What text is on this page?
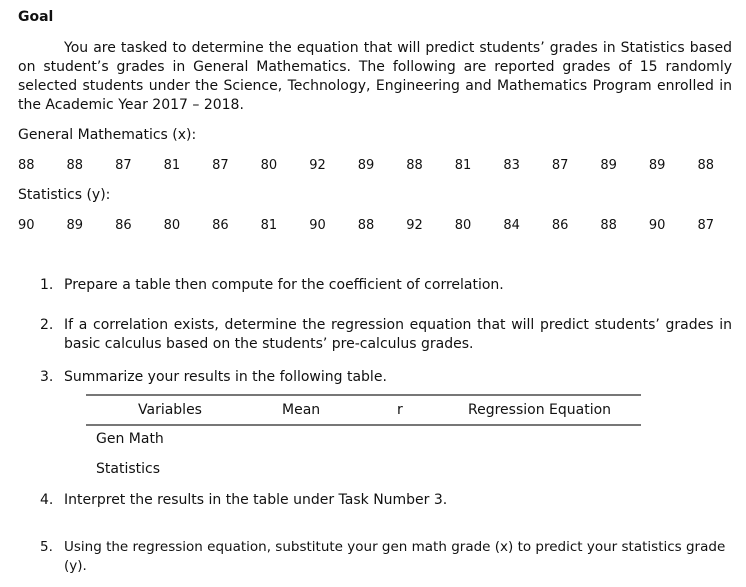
Goal

You are tasked to determine the equation that will predict students’ grades in Statistics based on student’s grades in General Mathematics. The following are reported grades of 15 randomly selected students under the Science, Technology, Engineering and Mathematics Program enrolled in the Academic Year 2017 – 2018.

General Mathematics (x):
88 88 87 81 87 80 92 89 88 81 83 87 89 89 88
Statistics (y):
90 89 86 80 86 81 90 88 92 80 84 86 88 90 87
1. Prepare a table then compute for the coefficient of correlation.
2. If a correlation exists, determine the regression equation that will predict students’ grades in basic calculus based on the students’ pre-calculus grades.
3. Summarize your results in the following table.
Variables	Mean	r	Regression Equation
Gen Math
Statistics
4. Interpret the results in the table under Task Number 3.
5. Using the regression equation, substitute your gen math grade (x) to predict your statistics grade (y).
